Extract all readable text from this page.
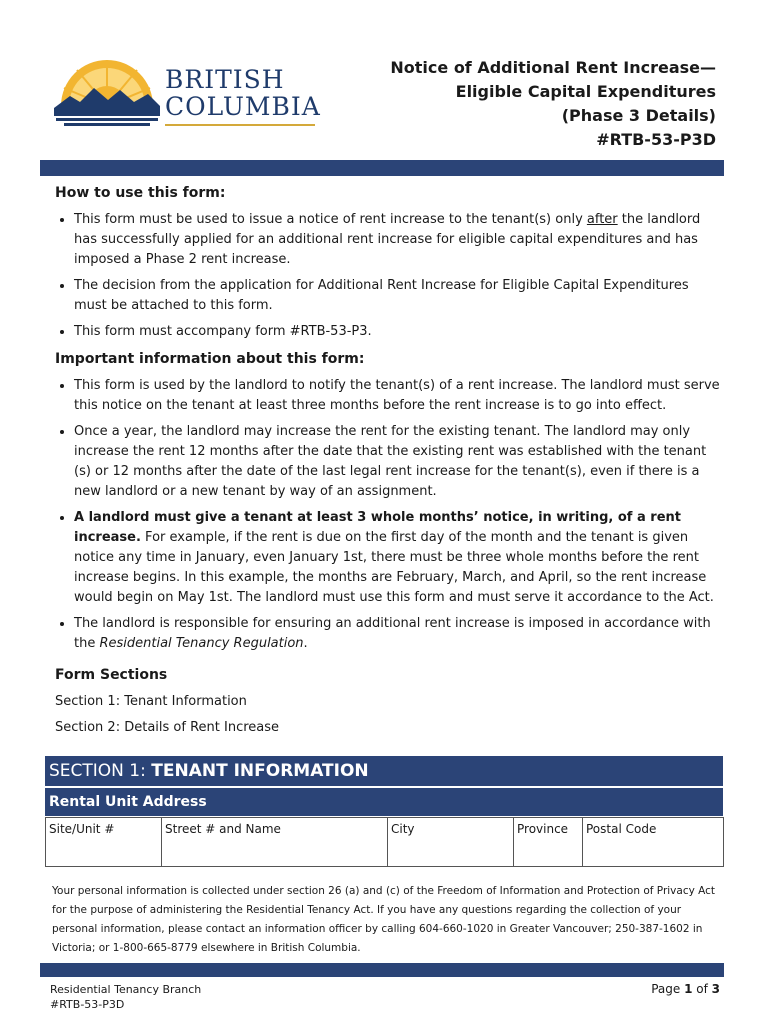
BRITISH
COLUMBIA
Notice of Additional Rent Increase—
Eligible Capital Expenditures
(Phase 3 Details)
#RTB-53-P3D
How to use this form:
• This form must be used to issue a notice of rent increase to the tenant(s) only after the landlord has successfully applied for an additional rent increase for eligible capital expenditures and has imposed a Phase 2 rent increase.
• The decision from the application for Additional Rent Increase for Eligible Capital Expenditures must be attached to this form.
• This form must accompany form #RTB-53-P3.
Important information about this form:
• This form is used by the landlord to notify the tenant(s) of a rent increase. The landlord must serve this notice on the tenant at least three months before the rent increase is to go into effect.
• Once a year, the landlord may increase the rent for the existing tenant. The landlord may only increase the rent 12 months after the date that the existing rent was established with the tenant (s) or 12 months after the date of the last legal rent increase for the tenant(s), even if there is a new landlord or a new tenant by way of an assignment.
• A landlord must give a tenant at least 3 whole months’ notice, in writing, of a rent increase. For example, if the rent is due on the first day of the month and the tenant is given notice any time in January, even January 1st, there must be three whole months before the rent increase begins. In this example, the months are February, March, and April, so the rent increase would begin on May 1st. The landlord must use this form and must serve it accordance to the Act.
• The landlord is responsible for ensuring an additional rent increase is imposed in accordance with the Residential Tenancy Regulation.
Form Sections
Section 1: Tenant Information
Section 2: Details of Rent Increase
SECTION 1: TENANT INFORMATION
Rental Unit Address
Site/Unit #	Street # and Name	City	Province	Postal Code
Your personal information is collected under section 26 (a) and (c) of the Freedom of Information and Protection of Privacy Act for the purpose of administering the Residential Tenancy Act. If you have any questions regarding the collection of your personal information, please contact an information officer by calling 604-660-1020 in Greater Vancouver; 250-387-1602 in Victoria; or 1-800-665-8779 elsewhere in British Columbia.
Residential Tenancy Branch
#RTB-53-P3D
Page 1 of 3
